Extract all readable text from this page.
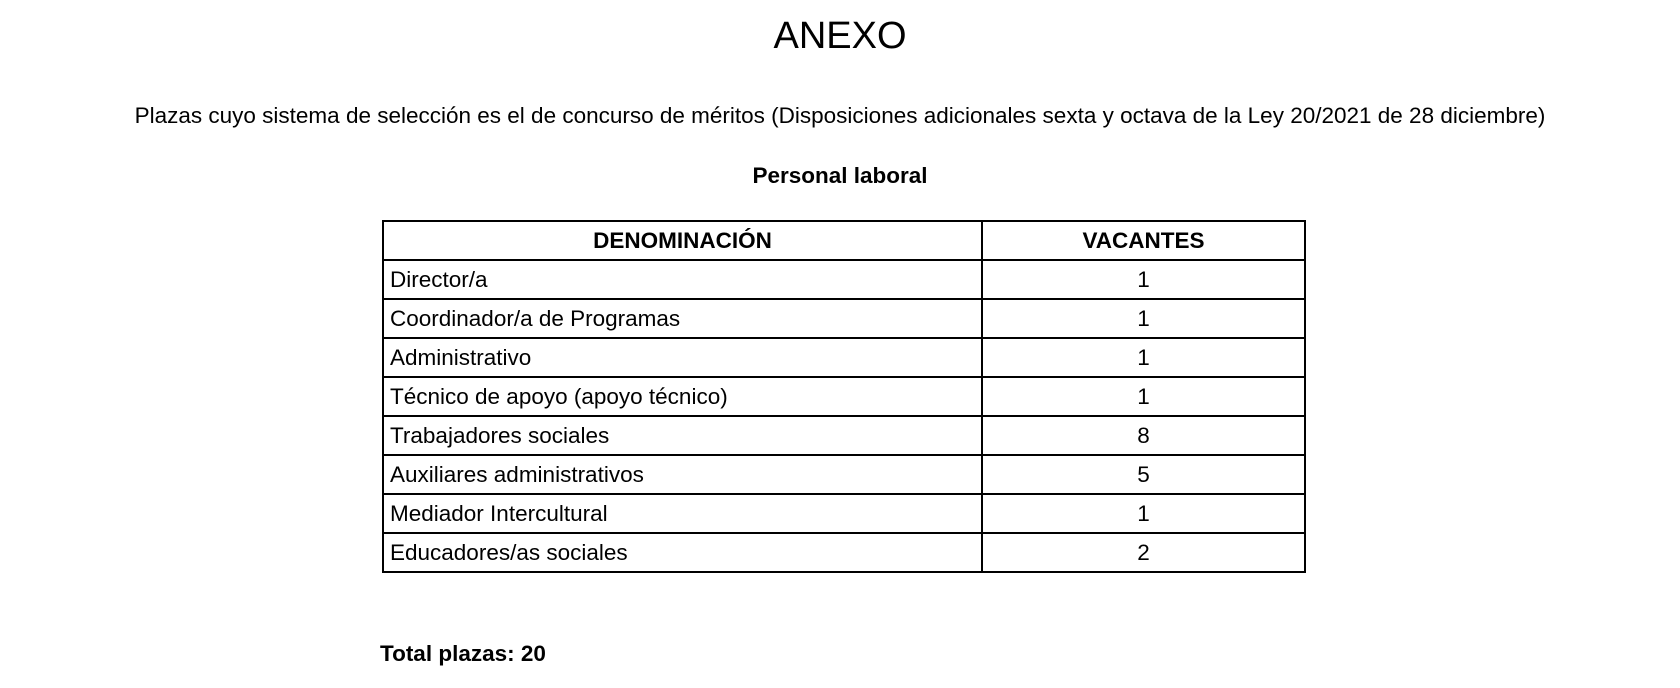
ANEXO
Plazas cuyo sistema de selección es el de concurso de méritos (Disposiciones adicionales sexta y octava de la Ley 20/2021 de 28 diciembre)
Personal laboral
DENOMINACIÓN	VACANTES
Director/a	1
Coordinador/a de Programas	1
Administrativo	1
Técnico de apoyo (apoyo técnico)	1
Trabajadores sociales	8
Auxiliares administrativos	5
Mediador Intercultural	1
Educadores/as sociales	2
Total plazas: 20
